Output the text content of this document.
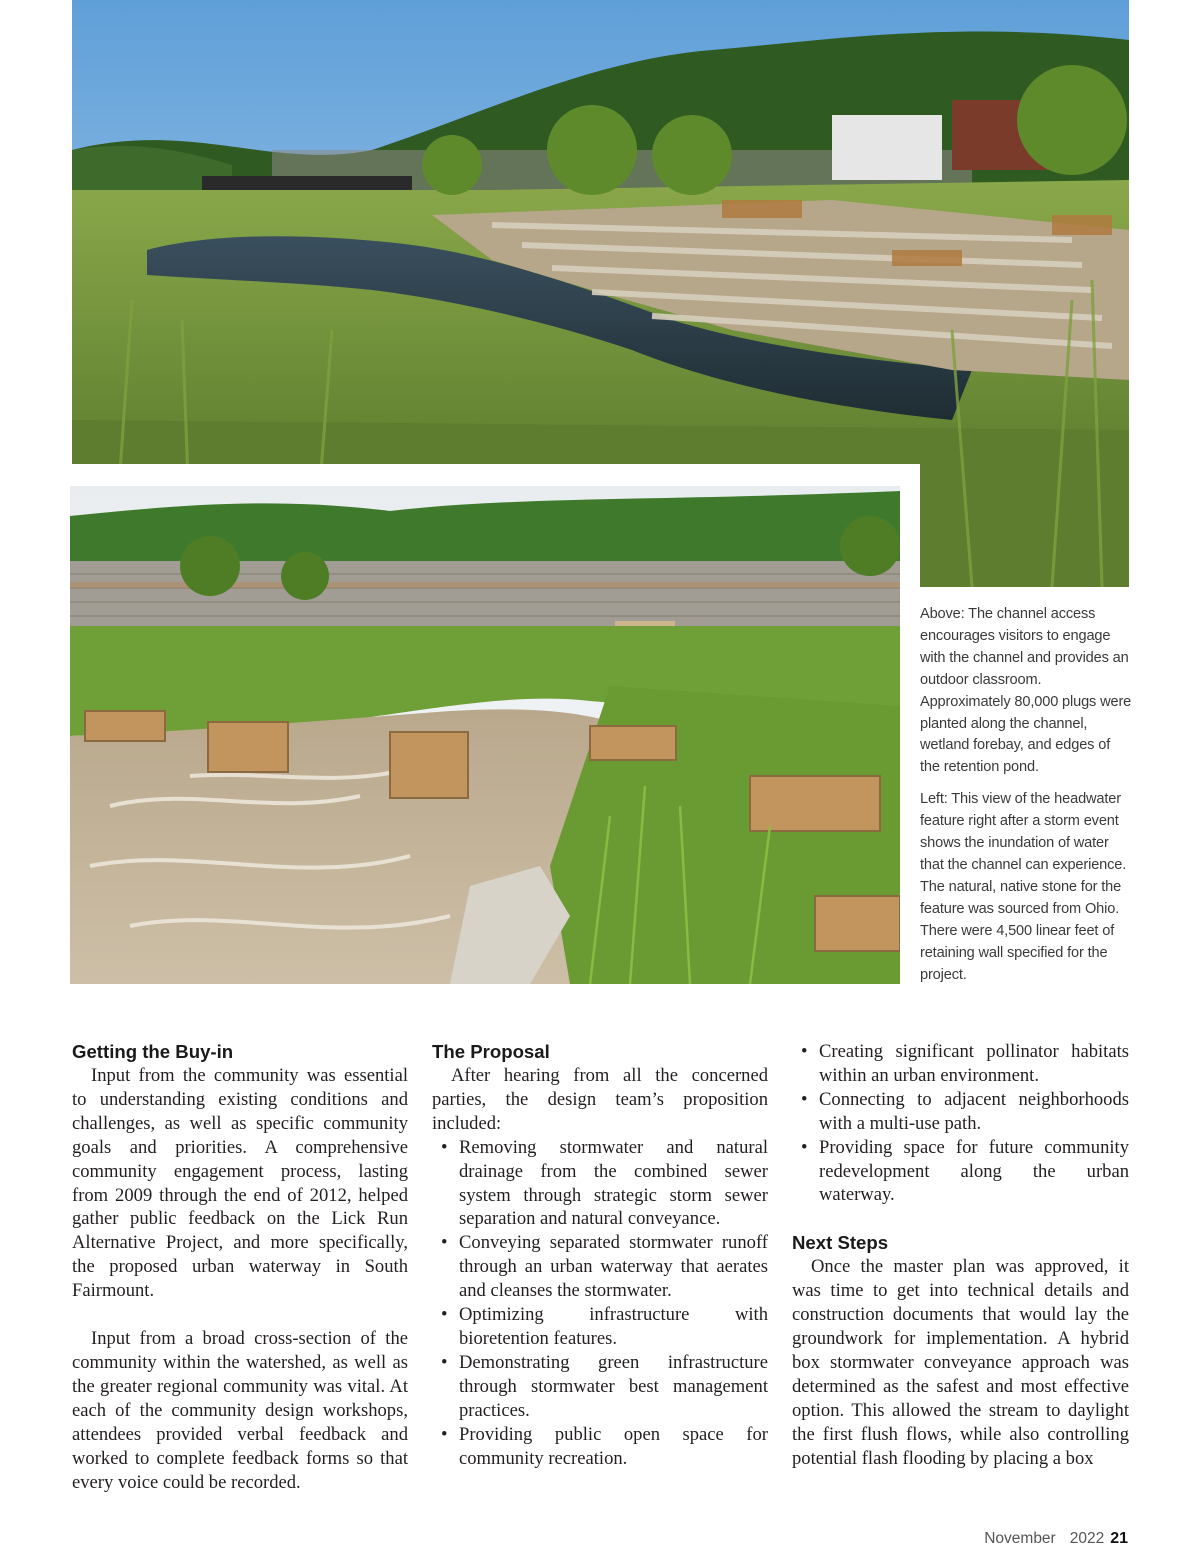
Above: The channel access encourages visitors to engage with the channel and provides an outdoor classroom. Approximately 80,000 plugs were planted along the channel, wetland forebay, and edges of the retention pond.

Left: This view of the headwater feature right after a storm event shows the inundation of water that the channel can experience. The natural, native stone for the feature was sourced from Ohio. There were 4,500 linear feet of retaining wall specified for the project.

Getting the Buy-in

Input from the community was essential to understanding existing conditions and challenges, as well as specific community goals and priorities. A comprehensive community engagement process, lasting from 2009 through the end of 2012, helped gather public feedback on the Lick Run Alternative Project, and more specifically, the proposed urban waterway in South Fairmount.

Input from a broad cross-section of the community within the watershed, as well as the greater regional community was vital. At each of the community design workshops, attendees provided verbal feedback and worked to complete feedback forms so that every voice could be recorded.

The Proposal

After hearing from all the concerned parties, the design team’s proposition included:

• Removing stormwater and natural drainage from the combined sewer system through strategic storm sewer separation and natural conveyance.
• Conveying separated stormwater runoff through an urban waterway that aerates and cleanses the stormwater.
• Optimizing infrastructure with bioretention features.
• Demonstrating green infrastructure through stormwater best management practices.
• Providing public open space for community recreation.
• Creating significant pollinator habitats within an urban environment.
• Connecting to adjacent neighborhoods with a multi-use path.
• Providing space for future community redevelopment along the urban waterway.
Next Steps

Once the master plan was approved, it was time to get into technical details and construction documents that would lay the groundwork for implementation. A hybrid box stormwater conveyance approach was determined as the safest and most effective option. This allowed the stream to daylight the first flush flows, while also controlling potential flash flooding by placing a box

November 2022 21
